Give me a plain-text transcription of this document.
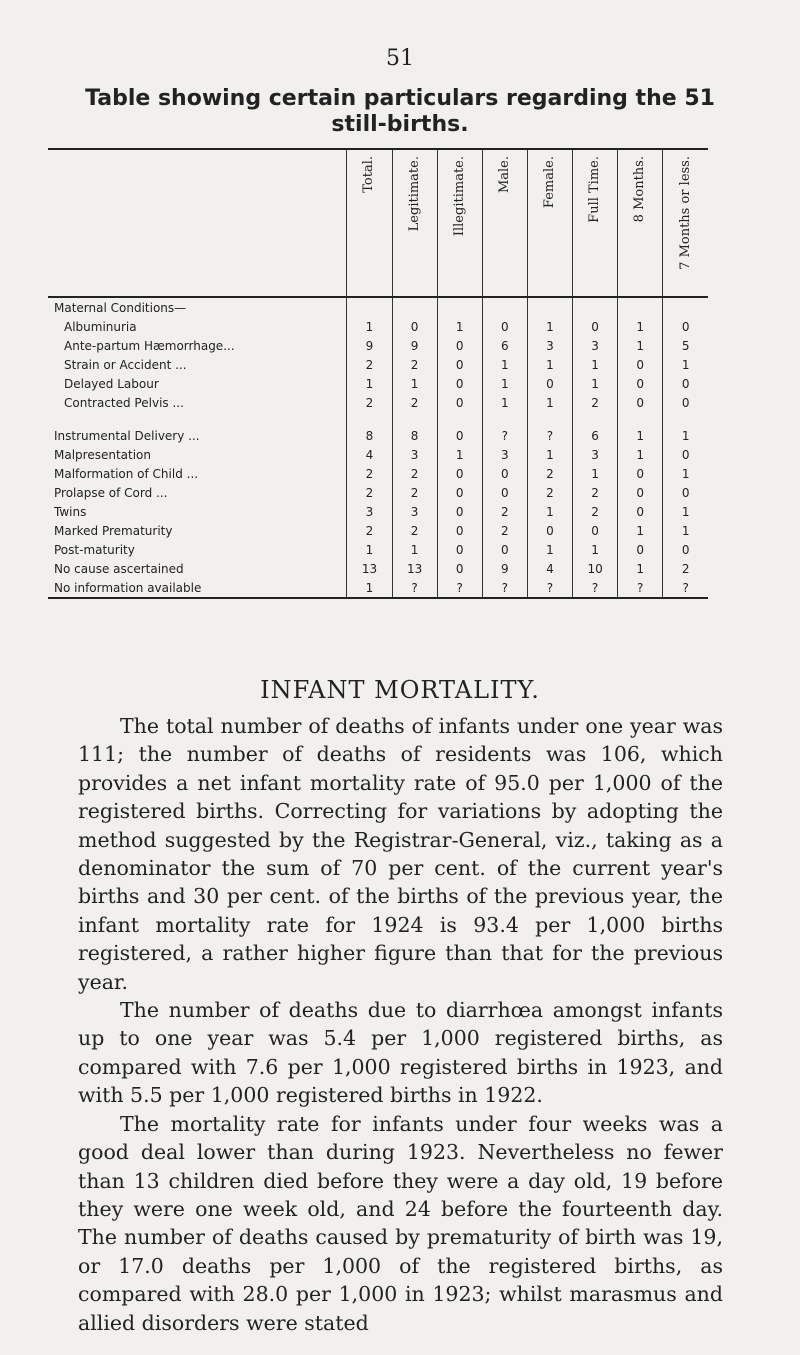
51
Table showing certain particulars regarding the 51
still-births.

	Total.	Legitimate.	Illegitimate.	Male.	Female.	Full Time.	8 Months.	7 Months or less.

Maternal Conditions—								
Albuminuria	1	0	1	0	1	0	1	0
Ante-partum Hæmorrhage...	9	9	0	6	3	3	1	5
Strain or Accident ...	2	2	0	1	1	1	0	1
Delayed Labour	1	1	0	1	0	1	0	0
Contracted Pelvis ...	2	2	0	1	1	2	0	0

Instrumental Delivery ...	8	8	0	?	?	6	1	1
Malpresentation	4	3	1	3	1	3	1	0
Malformation of Child ...	2	2	0	0	2	1	0	1
Prolapse of Cord ...	2	2	0	0	2	2	0	0
Twins	3	3	0	2	1	2	0	1
Marked Prematurity	2	2	0	2	0	0	1	1
Post-maturity	1	1	0	0	1	1	0	0
No cause ascertained	13	13	0	9	4	10	1	2
No information available	1	?	?	?	?	?	?	?
INFANT MORTALITY.

The total number of deaths of infants under one year was 111; the number of deaths of residents was 106, which provides a net infant mortality rate of 95.0 per 1,000 of the registered births. Correcting for variations by adopting the method suggested by the Registrar-General, viz., taking as a denominator the sum of 70 per cent. of the current year's births and 30 per cent. of the births of the previous year, the infant mortality rate for 1924 is 93.4 per 1,000 births registered, a rather higher figure than that for the previous year.

The number of deaths due to diarrhœa amongst infants up to one year was 5.4 per 1,000 registered births, as compared with 7.6 per 1,000 registered births in 1923, and with 5.5 per 1,000 registered births in 1922.

The mortality rate for infants under four weeks was a good deal lower than during 1923. Nevertheless no fewer than 13 children died before they were a day old, 19 before they were one week old, and 24 before the fourteenth day. The number of deaths caused by prematurity of birth was 19, or 17.0 deaths per 1,000 of the registered births, as compared with 28.0 per 1,000 in 1923; whilst marasmus and allied disorders were stated
